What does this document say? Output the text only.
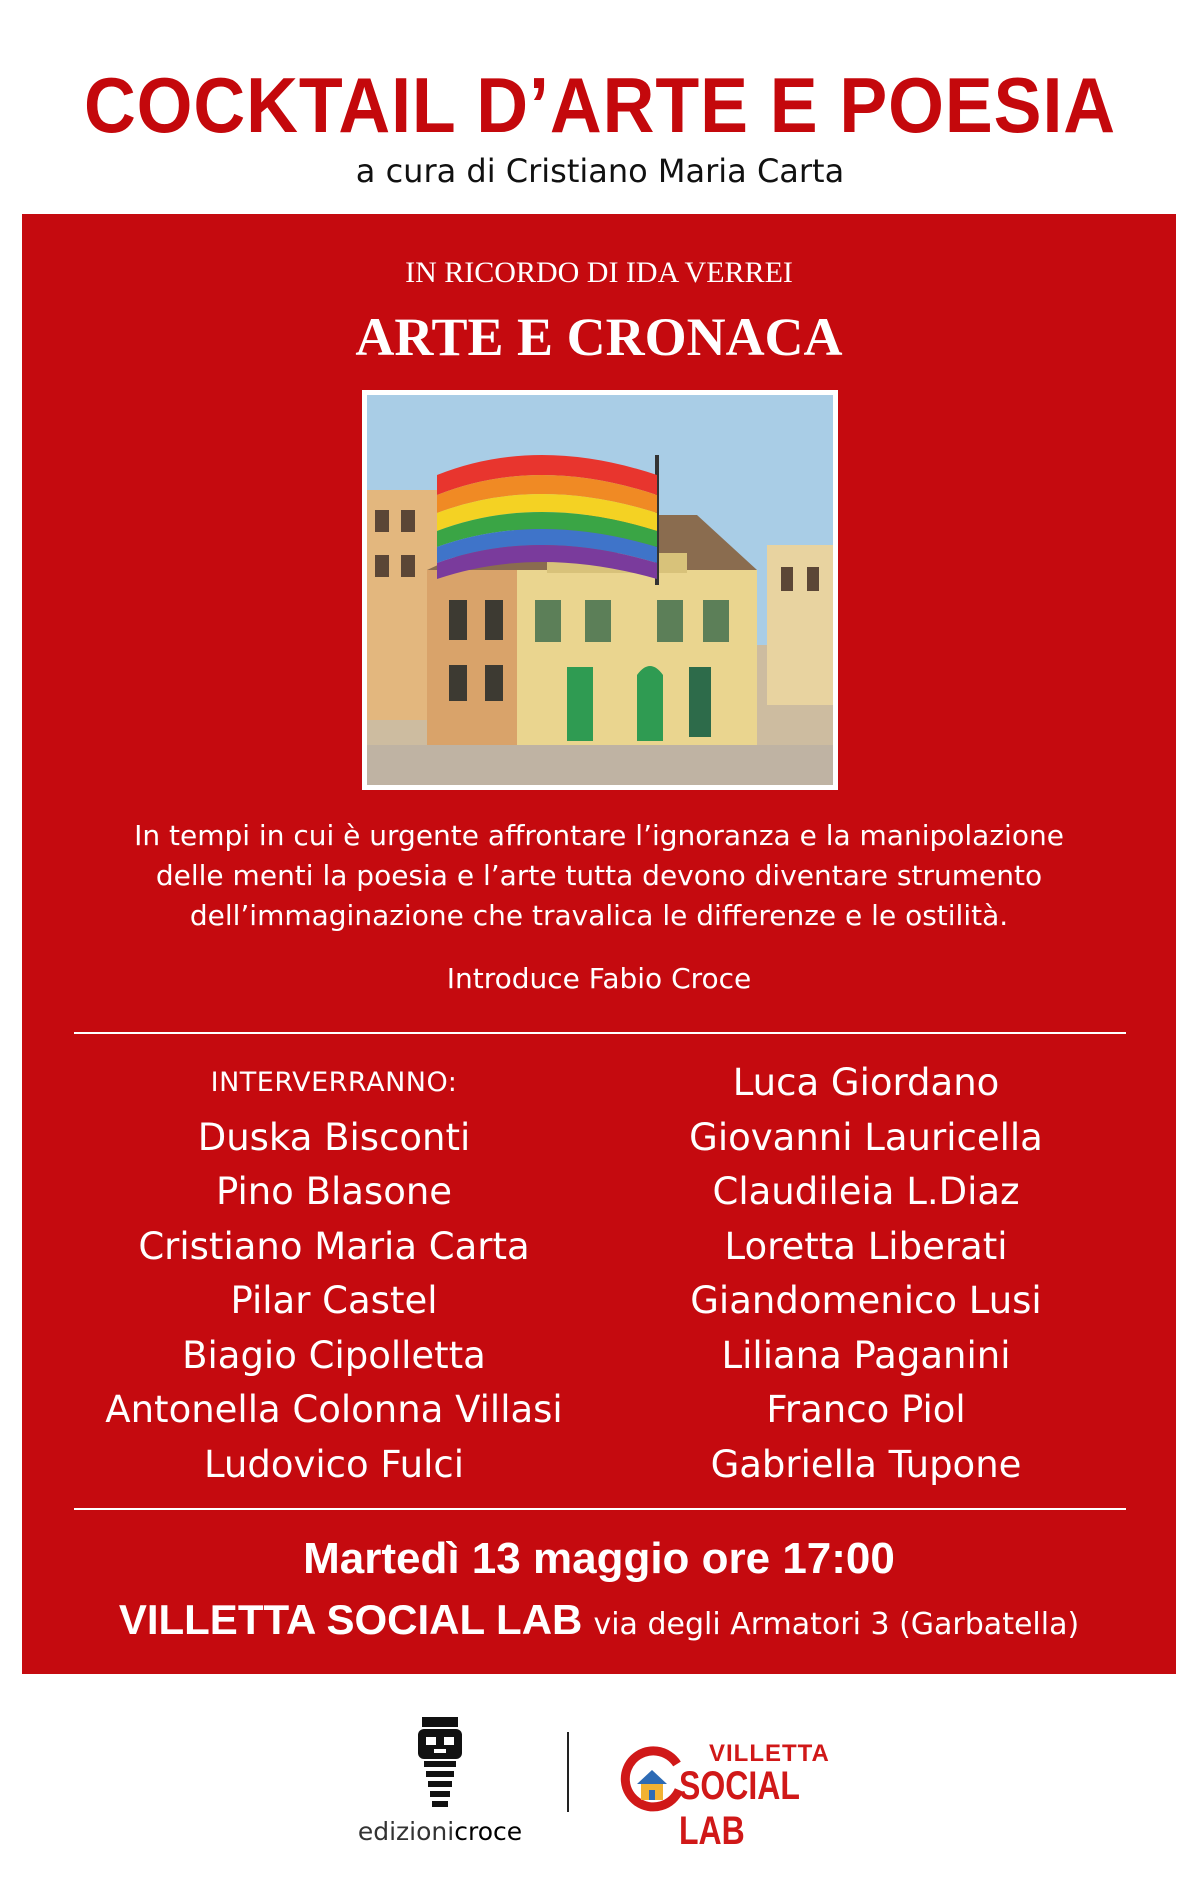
COCKTAIL D’ARTE E POESIA
a cura di Cristiano Maria Carta
IN RICORDO DI IDA VERREI
ARTE E CRONACA
In tempi in cui è urgente affrontare l’ignoranza e la manipolazione
delle menti la poesia e l’arte tutta devono diventare strumento
dell’immaginazione che travalica le differenze e le ostilità.
Introduce Fabio Croce
INTERVERRANNO:
Duska Bisconti
Pino Blasone
Cristiano Maria Carta
Pilar Castel
Biagio Cipolletta
Antonella Colonna Villasi
Ludovico Fulci
Luca Giordano
Giovanni Lauricella
Claudileia L.Diaz
Loretta Liberati
Giandomenico Lusi
Liliana Paganini
Franco Piol
Gabriella Tupone
Martedì 13 maggio ore 17:00
VILLETTA SOCIAL LAB via degli Armatori 3 (Garbatella)
edizionicroce
VILLETTA
SOCIAL LAB
